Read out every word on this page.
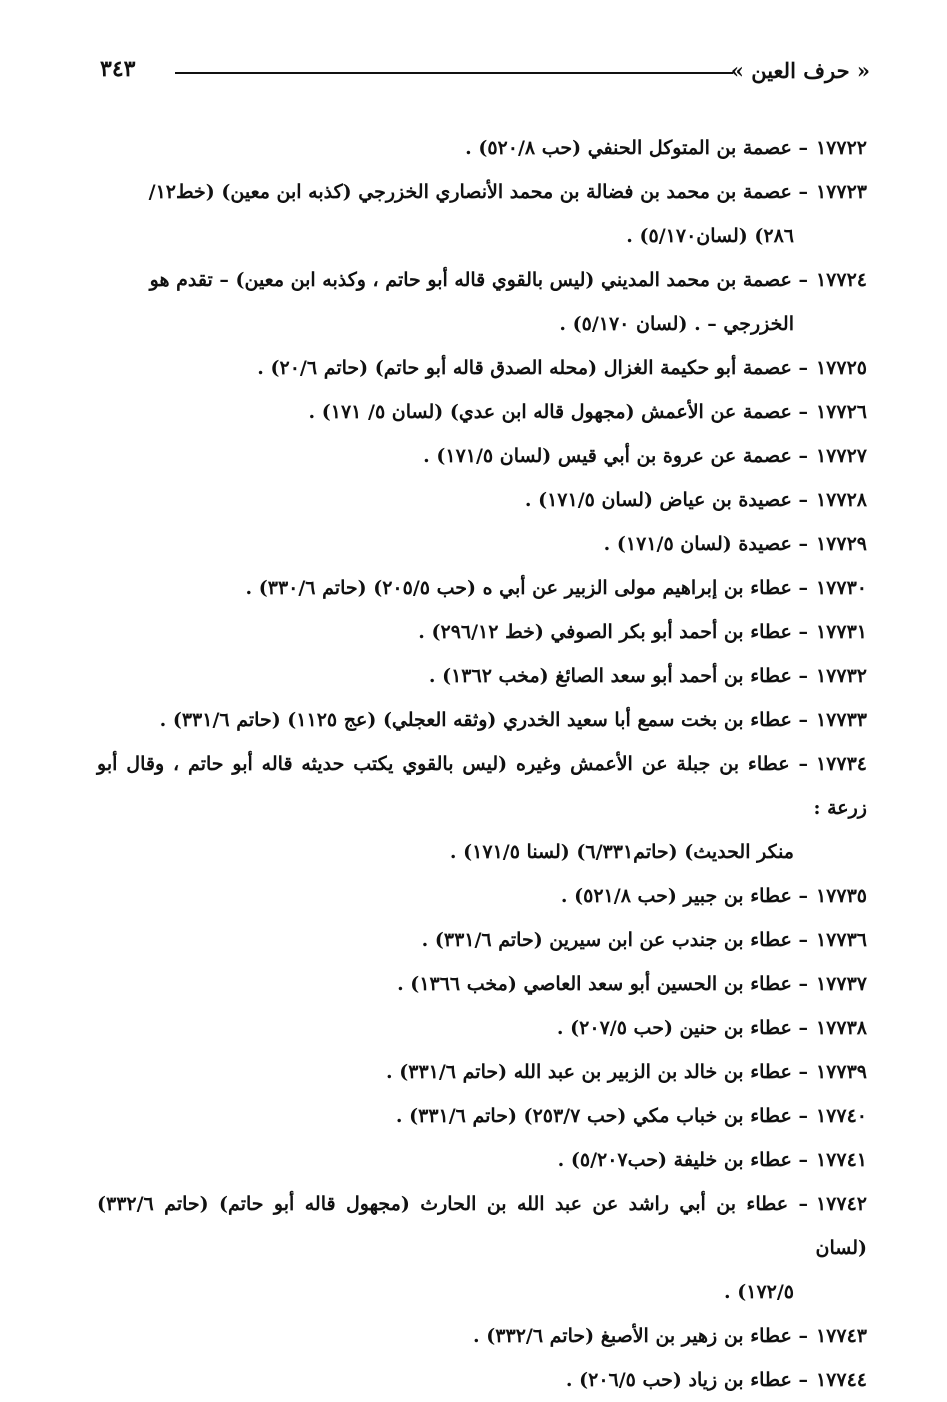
« حرف العين »
٣٤٣
١٧٧٢٢– عصمة بن المتوكل الحنفي (حب ٥٢٠/٨) .
١٧٧٢٣– عصمة بن محمد بن فضالة بن محمد الأنصاري الخزرجي (كذبه ابن معين) (خط١٢/
٢٨٦) (لسان٥/١٧٠) .
١٧٧٢٤– عصمة بن محمد المديني (ليس بالقوي قاله أبو حاتم ، وكذبه ابن معين) – تقدم هو
الخزرجي – . (لسان ٥/١٧٠) .
١٧٧٢٥– عصمة أبو حكيمة الغزال (محله الصدق قاله أبو حاتم) (حاتم ٢٠/٦) .
١٧٧٢٦– عصمة عن الأعمش (مجهول قاله ابن عدي) (لسان ٥/ ١٧١) .
١٧٧٢٧– عصمة عن عروة بن أبي قيس (لسان ١٧١/٥) .
١٧٧٢٨– عصيدة بن عياض (لسان ١٧١/٥) .
١٧٧٢٩– عصيدة (لسان ١٧١/٥) .
١٧٧٣٠– عطاء بن إبراهيم مولى الزبير عن أبي ه (حب ٢٠٥/٥) (حاتم ٣٣٠/٦) .
١٧٧٣١– عطاء بن أحمد أبو بكر الصوفي (خط ٢٩٦/١٢) .
١٧٧٣٢– عطاء بن أحمد أبو سعد الصائغ (مخب ١٣٦٢) .
١٧٧٣٣– عطاء بن بخت سمع أبا سعيد الخدري (وثقه العجلي) (عج ١١٢٥) (حاتم ٣٣١/٦) .
١٧٧٣٤– عطاء بن جبلة عن الأعمش وغيره (ليس بالقوي يكتب حديثه قاله أبو حاتم ، وقال أبو زرعة :
منكر الحديث) (حاتم٦/٣٣١) (لسنا ١٧١/٥) .
١٧٧٣٥– عطاء بن جبير (حب ٥٢١/٨) .
١٧٧٣٦– عطاء بن جندب عن ابن سيرين (حاتم ٣٣١/٦) .
١٧٧٣٧– عطاء بن الحسين أبو سعد العاصي (مخب ١٣٦٦) .
١٧٧٣٨– عطاء بن حنين (حب ٢٠٧/٥) .
١٧٧٣٩– عطاء بن خالد بن الزبير بن عبد الله (حاتم ٣٣١/٦) .
١٧٧٤٠– عطاء بن خباب مكي (حب ٢٥٣/٧) (حاتم ٣٣١/٦) .
١٧٧٤١– عطاء بن خليفة (حب٥/٢٠٧) .
١٧٧٤٢– عطاء بن أبي راشد عن عبد الله بن الحارث (مجهول قاله أبو حاتم) (حاتم ٣٣٢/٦) (لسان
١٧٢/٥) .
١٧٧٤٣– عطاء بن زهير بن الأصبغ (حاتم ٣٣٢/٦) .
١٧٧٤٤– عطاء بن زياد (حب ٢٠٦/٥) .
